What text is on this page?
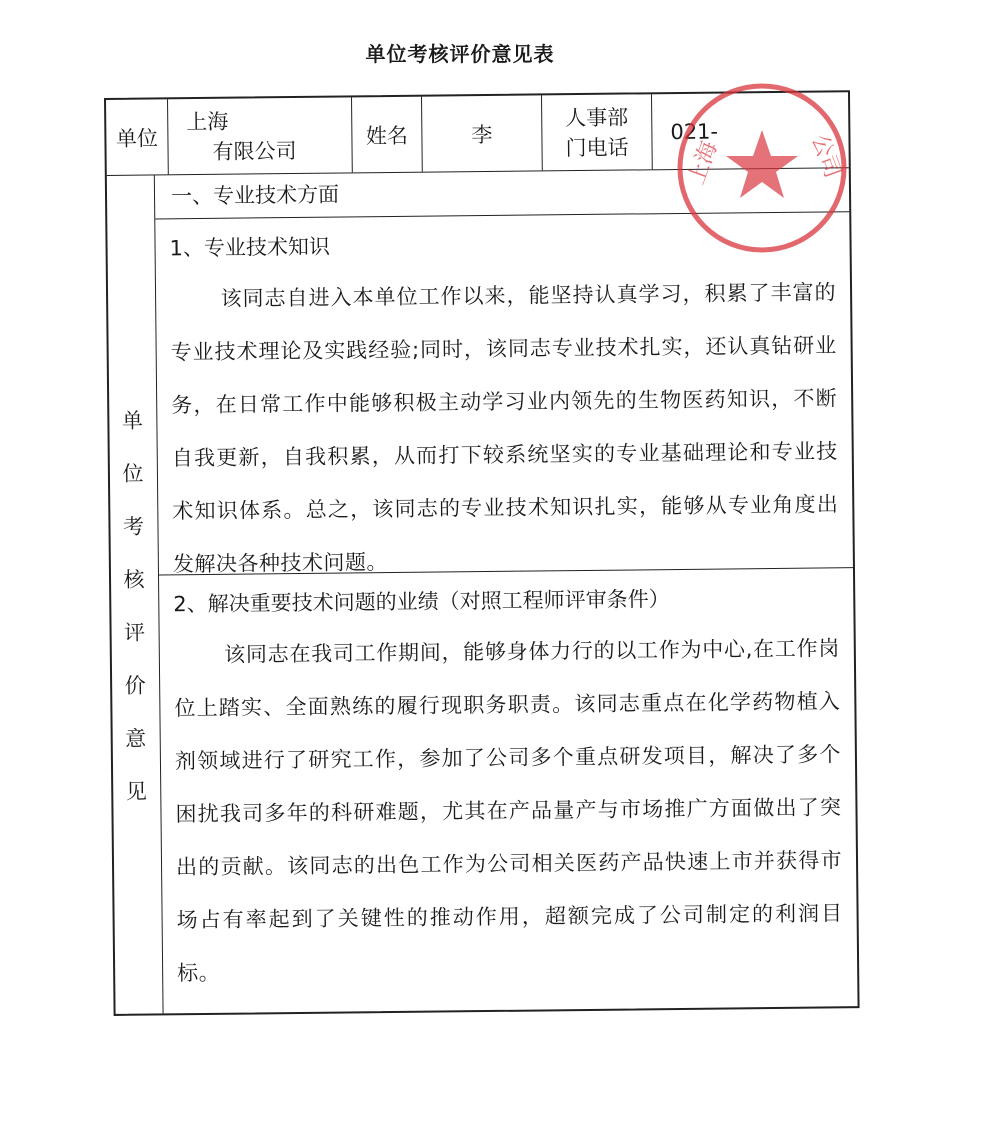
单位考核评价意见表
单位
上海
有限公司
姓名	李
人事部
门电话
021-
单
位
考
核
评
价
意
见
一、专业技术方面
1、专业技术知识
该同志自进入本单位工作以来，能坚持认真学习，积累了丰富的专业技术理论及实践经验;同时，该同志专业技术扎实，还认真钻研业务，在日常工作中能够积极主动学习业内领先的生物医药知识，不断自我更新，自我积累，从而打下较系统坚实的专业基础理论和专业技术知识体系。总之，该同志的专业技术知识扎实，能够从专业角度出发解决各种技术问题。
2、解决重要技术问题的业绩（对照工程师评审条件）
该同志在我司工作期间，能够身体力行的以工作为中心,在工作岗位上踏实、全面熟练的履行现职务职责。该同志重点在化学药物植入剂领域进行了研究工作，参加了公司多个重点研发项目，解决了多个困扰我司多年的科研难题，尤其在产品量产与市场推广方面做出了突出的贡献。该同志的出色工作为公司相关医药产品快速上市并获得市场占有率起到了关键性的推动作用，超额完成了公司制定的利润目标。
上海	公司
